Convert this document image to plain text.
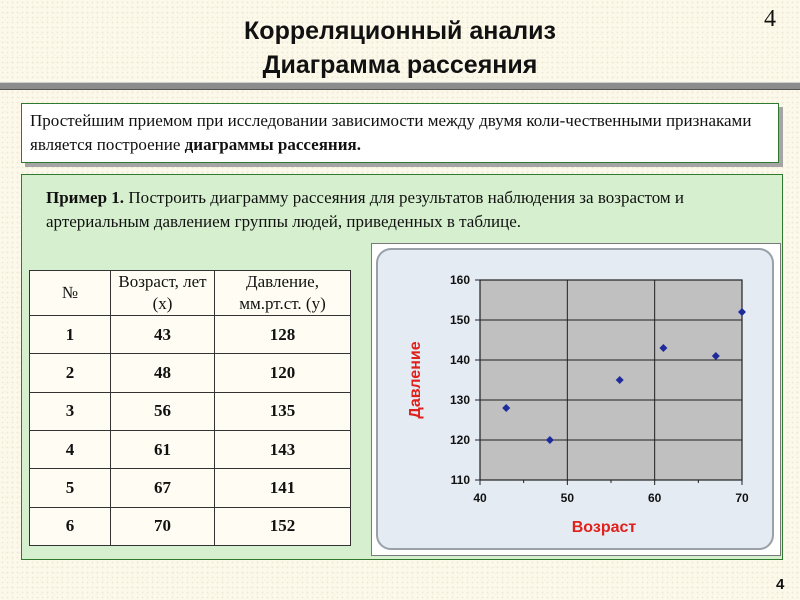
Корреляционный анализ
Диаграмма рассеяния
4
Простейшим приемом при исследовании зависимости между двумя коли-чественными признаками является построение диаграммы рассеяния.
Пример 1. Построить диаграмму рассеяния для результатов наблюдения за возрастом и артериальным давлением группы людей, приведенных в таблице.
№	Возраст, лет (x)	Давление, мм.рт.ст. (y)
1	43	128
2	48	120
3	56	135
4	61	143
5	67	141
6	70	152
40	50	60	70
110
120
130
140
150
160
Возраст
Давление
4
